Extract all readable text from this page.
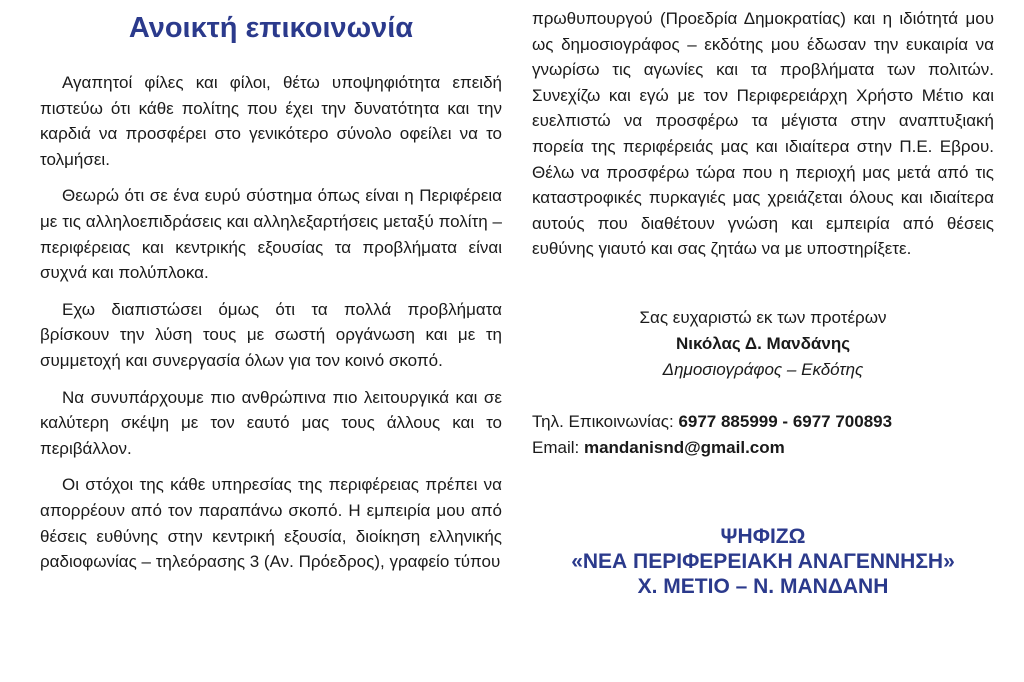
Ανοικτή επικοινωνία

Αγαπητοί φίλες και φίλοι, θέτω υποψηφιότητα επειδή πιστεύω ότι κάθε πολίτης που έχει την δυνατότητα και την καρδιά να προσφέρει στο γενικότερο σύνολο οφείλει να το τολμήσει.

Θεωρώ ότι σε ένα ευρύ σύστημα όπως είναι η Περιφέρεια με τις αλληλοεπιδράσεις και αλληλεξαρτήσεις μεταξύ πολίτη – περιφέρειας και κεντρικής εξουσίας τα προβλήματα είναι συχνά και πολύπλοκα.

Εχω διαπιστώσει όμως ότι τα πολλά προβλήματα βρίσκουν την λύση τους με σωστή οργάνωση και με τη συμμετοχή και συνεργασία όλων για τον κοινό σκοπό.

Να συνυπάρχουμε πιο ανθρώπινα πιο λειτουργικά και σε καλύτερη σκέψη με τον εαυτό μας τους άλλους και το περιβάλλον.

Οι στόχοι της κάθε υπηρεσίας της περιφέρειας πρέπει να απορρέουν από τον παραπάνω σκοπό. Η εμπειρία μου από θέσεις ευθύνης στην κεντρική εξουσία, διοίκηση ελληνικής ραδιοφωνίας – τηλεόρασης 3 (Αν. Πρόεδρος), γραφείο τύπου

πρωθυπουργού (Προεδρία Δημοκρατίας) και η ιδιότητά μου ως δημοσιογράφος – εκδότης μου έδωσαν την ευκαιρία να γνωρίσω τις αγωνίες και τα προβλήματα των πολιτών. Συνεχίζω και εγώ με τον Περιφερειάρχη Χρήστο Μέτιο και ευελπιστώ να προσφέρω τα μέγιστα στην αναπτυξιακή πορεία της περιφέρειάς μας και ιδιαίτερα στην Π.Ε. Εβρου. Θέλω να προσφέρω τώρα που η περιοχή μας μετά από τις καταστροφικές πυρκαγιές μας χρειάζεται όλους και ιδιαίτερα αυτούς που διαθέτουν γνώση και εμπειρία από θέσεις ευθύνης γιαυτό και σας ζητάω να με υποστηρίξετε.

Σας ευχαριστώ εκ των προτέρων
Νικόλας Δ. Μανδάνης
Δημοσιογράφος – Εκδότης
Τηλ. Επικοινωνίας: 6977 885999 - 6977 700893
Email: mandanisnd@gmail.com
ΨΗΦΙΖΩ
«ΝΕΑ ΠΕΡΙΦΕΡΕΙΑΚΗ ΑΝΑΓΕΝΝΗΣΗ»
Χ. ΜΕΤΙΟ – Ν. ΜΑΝΔΑΝΗ
